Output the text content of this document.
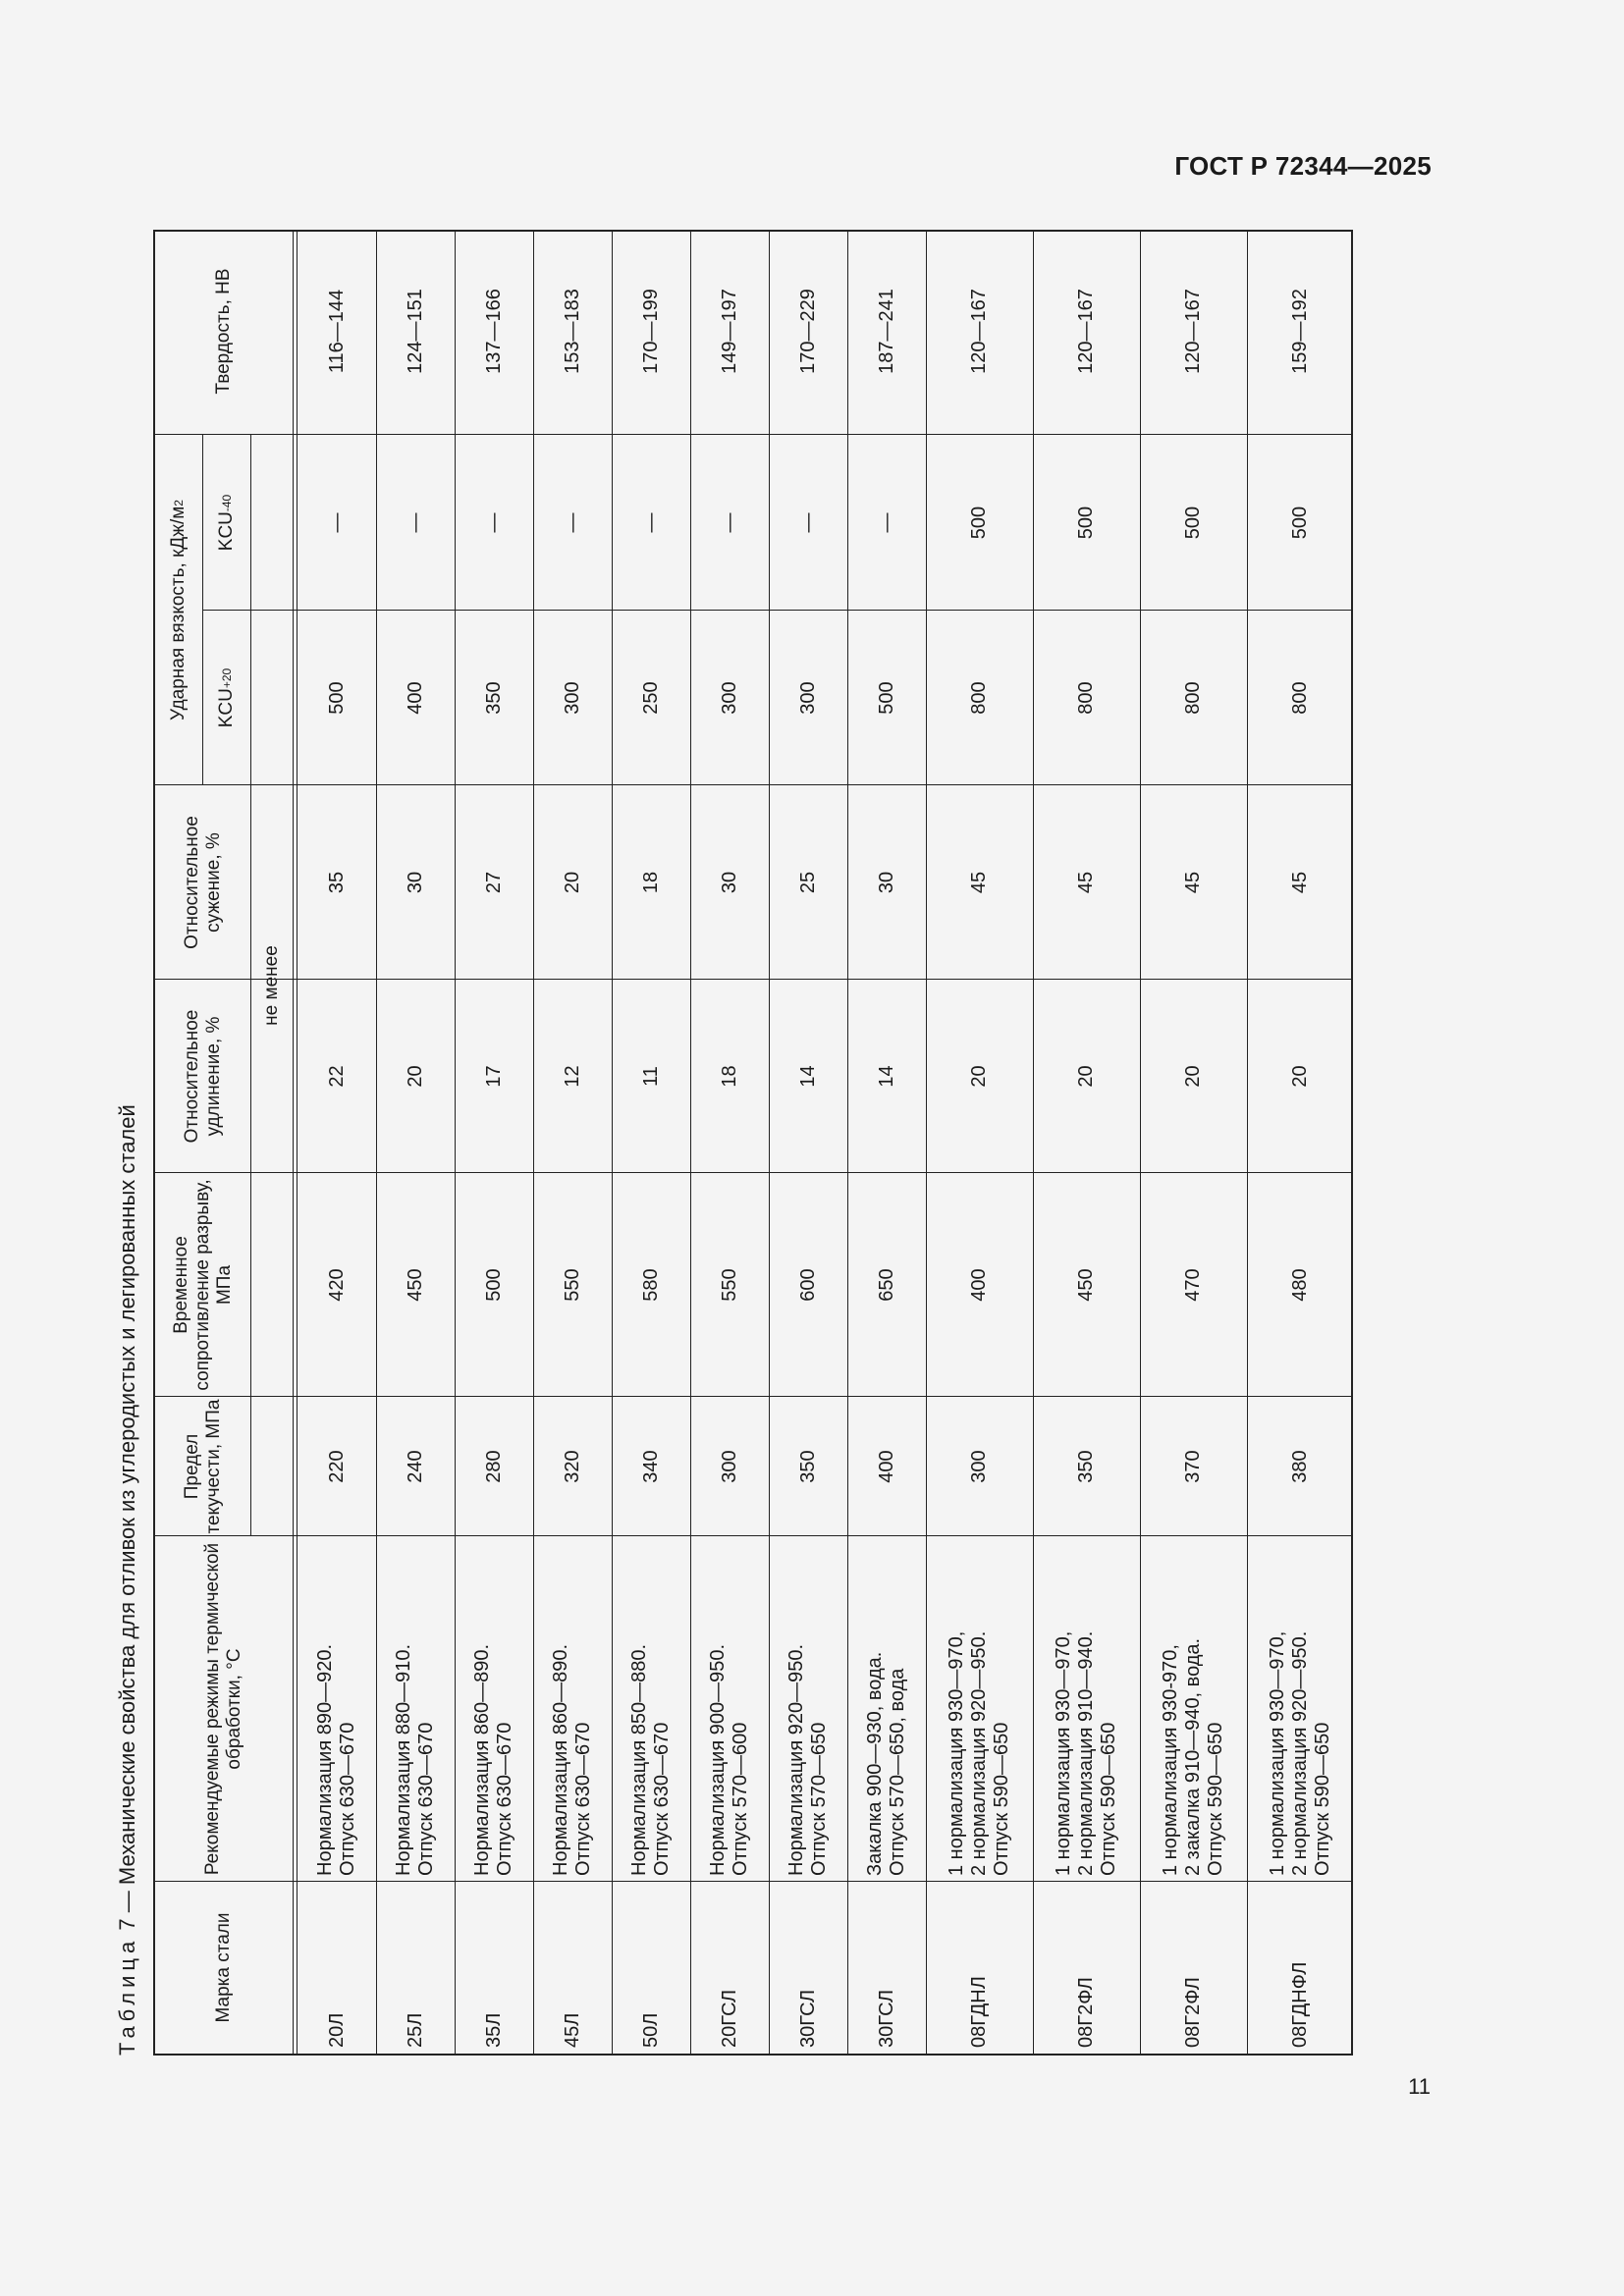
ГОСТ Р 72344—2025
Таблица 7 — Механические свойства для отливок из углеродистых и легированных сталей
Марка стали
Рекомендуемые режимы термической обработки, °С
Предел текучести, МПа
Временное сопротивление разрыву, МПа
Относительное удлинение, %
Относительное сужение, %
Ударная вязкость, кДж/м
2
KCU
+20
KCU
-40
не менее
Твердость, НВ
20Л
Нормализация 890—920. Отпуск 630—670
220
420
22
35
500
—
116—144
25Л
Нормализация 880—910. Отпуск 630—670
240
450
20
30
400
—
124—151
35Л
Нормализация 860—890. Отпуск 630—670
280
500
17
27
350
—
137—166
45Л
Нормализация 860—890. Отпуск 630—670
320
550
12
20
300
—
153—183
50Л
Нормализация 850—880. Отпуск 630—670
340
580
11
18
250
—
170—199
20ГСЛ
Нормализация 900—950. Отпуск 570—600
300
550
18
30
300
—
149—197
30ГСЛ
Нормализация 920—950. Отпуск 570—650
350
600
14
25
300
—
170—229
30ГСЛ
Закалка 900—930, вода. Отпуск 570—650, вода
400
650
14
30
500
—
187—241
08ГДНЛ
1 нормализация 930—970, 2 нормализация 920—950. Отпуск 590—650
300
400
20
45
800
500
120—167
08Г2ФЛ
1 нормализация 930—970, 2 нормализация 910—940. Отпуск 590—650
350
450
20
45
800
500
120—167
08Г2ФЛ
1 нормализация 930-970, 2 закалка 910—940, вода. Отпуск 590—650
370
470
20
45
800
500
120—167
08ГДНФЛ
1 нормализация 930—970, 2 нормализация 920—950. Отпуск 590—650
380
480
20
45
800
500
159—192
11
